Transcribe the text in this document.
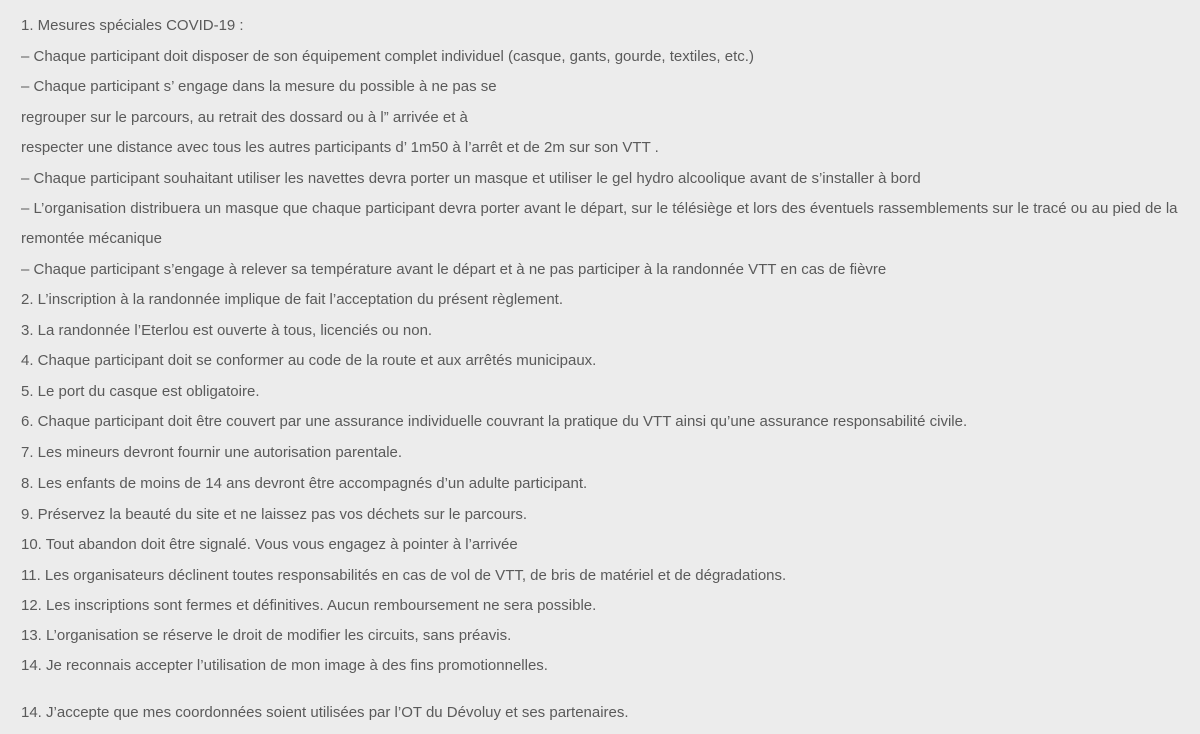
1. Mesures spéciales COVID-19 :
– Chaque participant doit disposer de son équipement complet individuel (casque, gants, gourde, textiles, etc.)
– Chaque participant s’ engage dans la mesure du possible à ne pas se
regrouper sur le parcours, au retrait des dossard ou à l” arrivée et à
respecter une distance avec tous les autres participants d’ 1m50 à l’arrêt et de 2m sur son VTT .
– Chaque participant souhaitant utiliser les navettes devra porter un masque et utiliser le gel hydro alcoolique avant de s’installer à bord
– L’organisation distribuera un masque que chaque participant devra porter avant le départ, sur le télésiège et lors des éventuels rassemblements sur le tracé ou au pied de la remontée mécanique
– Chaque participant s’engage à relever sa température avant le départ et à ne pas participer à la randonnée VTT en cas de fièvre
2. L’inscription à la randonnée implique de fait l’acceptation du présent règlement.
3. La randonnée l’Eterlou est ouverte à tous, licenciés ou non.
4. Chaque participant doit se conformer au code de la route et aux arrêtés municipaux.
5. Le port du casque est obligatoire.
6. Chaque participant doit être couvert par une assurance individuelle couvrant la pratique du VTT ainsi qu’une assurance responsabilité civile.
7. Les mineurs devront fournir une autorisation parentale.
8. Les enfants de moins de 14 ans devront être accompagnés d’un adulte participant.
9. Préservez la beauté du site et ne laissez pas vos déchets sur le parcours.
10. Tout abandon doit être signalé. Vous vous engagez à pointer à l’arrivée
11. Les organisateurs déclinent toutes responsabilités en cas de vol de VTT, de bris de matériel et de dégradations.
12. Les inscriptions sont fermes et définitives. Aucun remboursement ne sera possible.
13. L’organisation se réserve le droit de modifier les circuits, sans préavis.
14. Je reconnais accepter l’utilisation de mon image à des fins promotionnelles.
14. J’accepte que mes coordonnées soient utilisées par l’OT du Dévoluy et ses partenaires.
